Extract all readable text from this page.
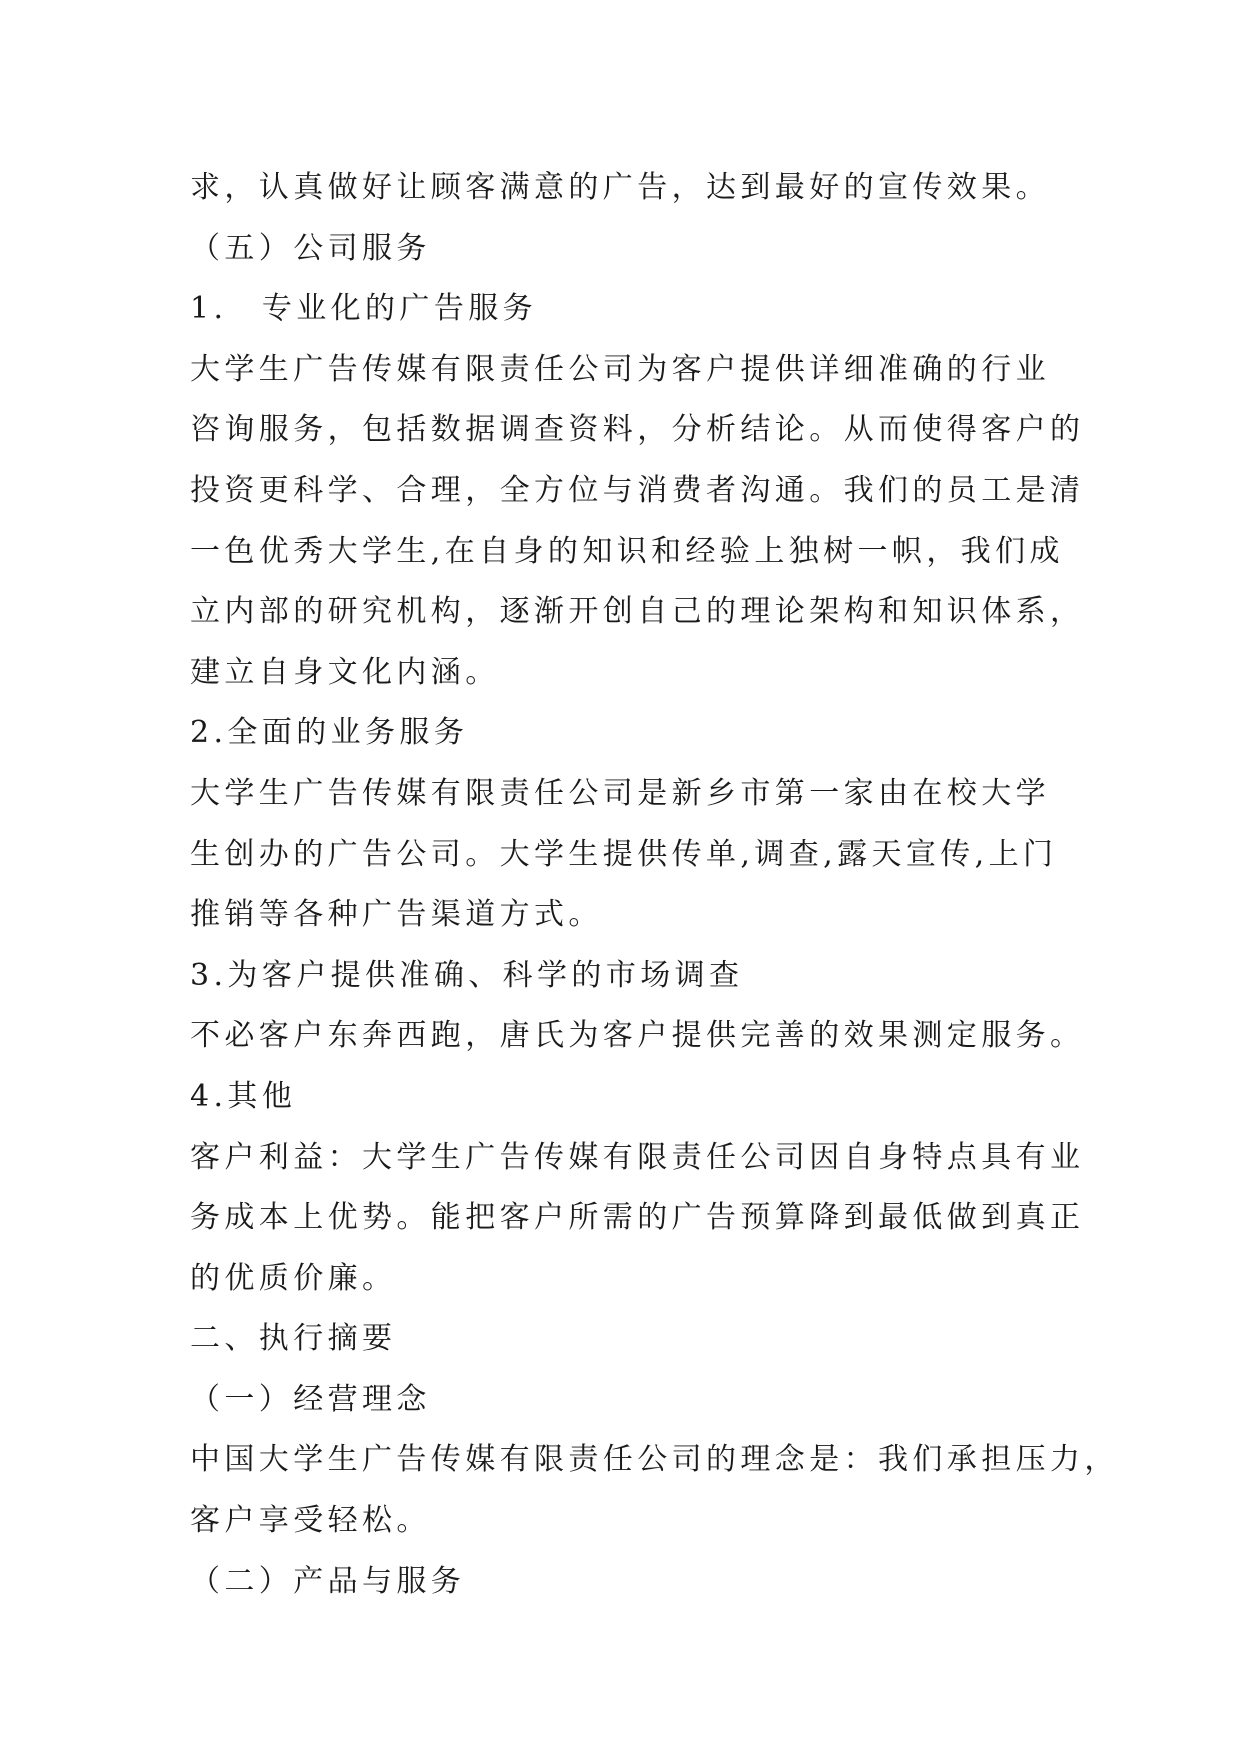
求，认真做好让顾客满意的广告，达到最好的宣传效果。
（五）公司服务
1.　专业化的广告服务
大学生广告传媒有限责任公司为客户提供详细准确的行业
咨询服务，包括数据调查资料，分析结论。从而使得客户的
投资更科学、合理，全方位与消费者沟通。我们的员工是清
一色优秀大学生,在自身的知识和经验上独树一帜，我们成
立内部的研究机构，逐渐开创自己的理论架构和知识体系，
建立自身文化内涵。
2.全面的业务服务
大学生广告传媒有限责任公司是新乡市第一家由在校大学
生创办的广告公司。大学生提供传单,调查,露天宣传,上门
推销等各种广告渠道方式。
3.为客户提供准确、科学的市场调查
不必客户东奔西跑，唐氏为客户提供完善的效果测定服务。
4.其他
客户利益：大学生广告传媒有限责任公司因自身特点具有业
务成本上优势。能把客户所需的广告预算降到最低做到真正
的优质价廉。
二、执行摘要
（一）经营理念
中国大学生广告传媒有限责任公司的理念是：我们承担压力，
客户享受轻松。
（二）产品与服务
